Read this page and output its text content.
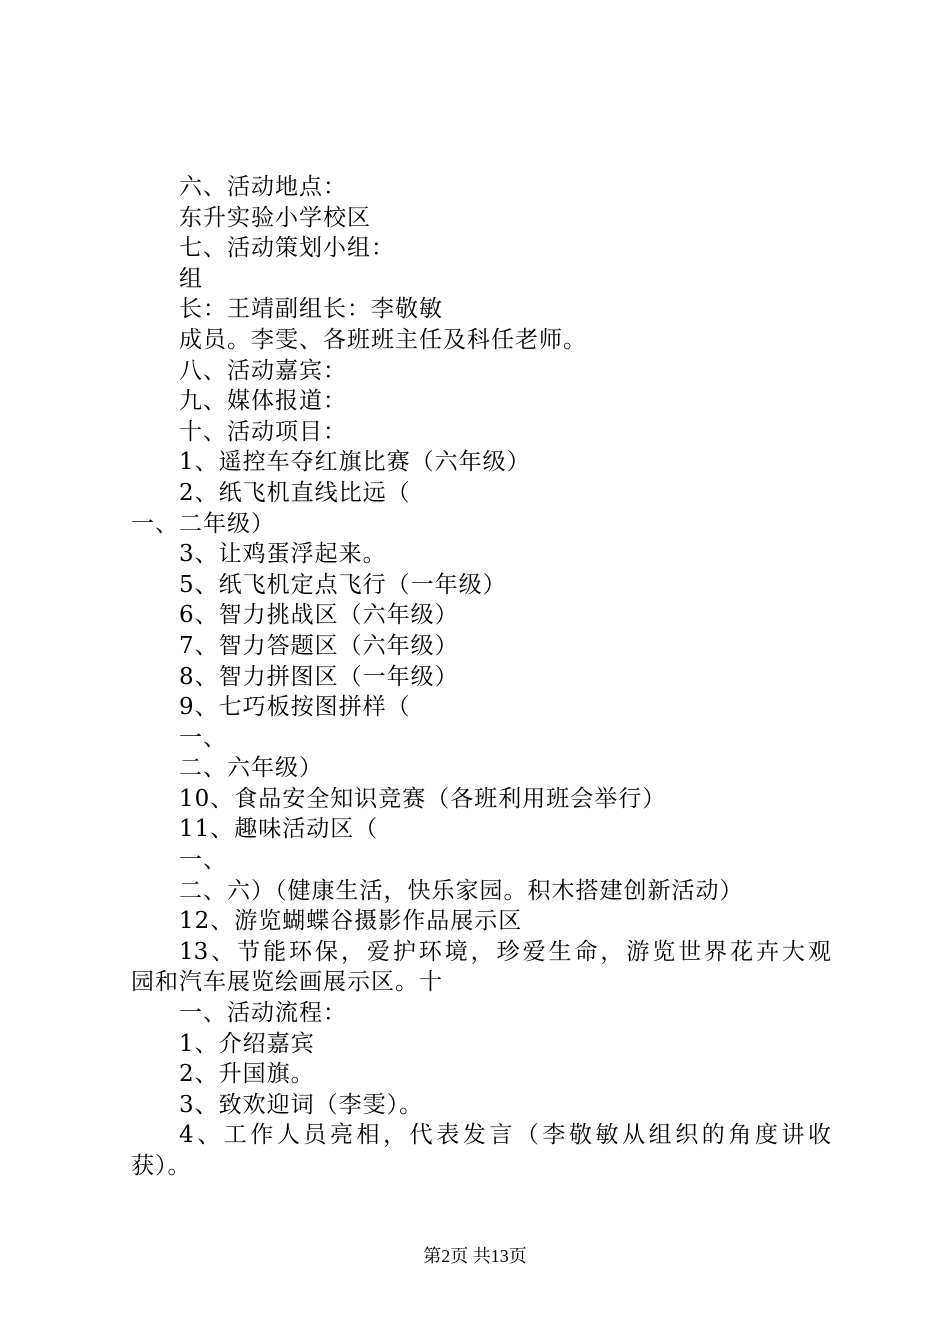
六、活动地点：
东升实验小学校区
七、活动策划小组：
组
长：王靖副组长：李敬敏
成员。李雯、各班班主任及科任老师。
八、活动嘉宾：
九、媒体报道：
十、活动项目：
1、遥控车夺红旗比赛（六年级）
2、纸飞机直线比远（
一、二年级）
3、让鸡蛋浮起来。
5、纸飞机定点飞行（一年级）
6、智力挑战区（六年级）
7、智力答题区（六年级）
8、智力拼图区（一年级）
9、七巧板按图拼样（
一、
二、六年级）
10、食品安全知识竞赛（各班利用班会举行）
11、趣味活动区（
一、
二、六）（健康生活，快乐家园。积木搭建创新活动）
12、游览蝴蝶谷摄影作品展示区
13、节能环保，爱护环境，珍爱生命，游览世界花卉大观
园和汽车展览绘画展示区。十
一、活动流程：
1、介绍嘉宾
2、升国旗。
3、致欢迎词（李雯）。
4、工作人员亮相，代表发言（李敬敏从组织的角度讲收
获）。
第2页 共13页
